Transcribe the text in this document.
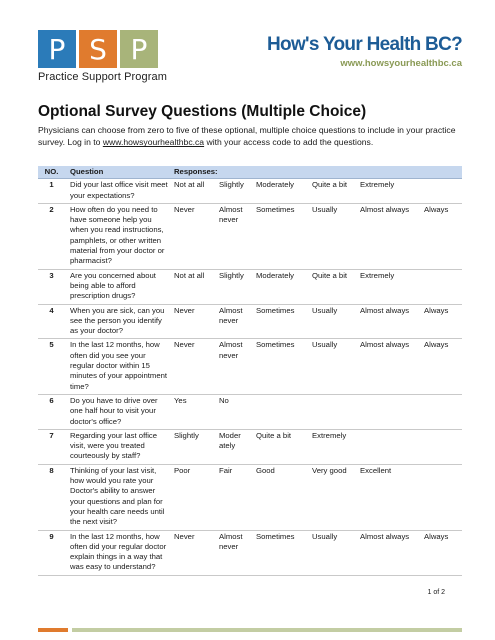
P S P
Practice Support Program
How's Your Health BC?
www.howsyourhealthbc.ca
Optional Survey Questions (Multiple Choice)

Physicians can choose from zero to five of these optional, multiple choice questions to include in your practice survey. Log in to www.howsyourhealthbc.ca with your access code to add the questions.

NO.	Question	Responses:					
1	Did your last office visit meet your expectations?	Not at all	Slightly	Moderately	Quite a bit	Extremely	
2	How often do you need to have someone help you when you read instructions, pamphlets, or other written material from your doctor or pharmacist?	Never	Almost never	Sometimes	Usually	Almost always	Always
3	Are you concerned about being able to afford prescription drugs?	Not at all	Slightly	Moderately	Quite a bit	Extremely	
4	When you are sick, can you see the person you identify as your doctor?	Never	Almost never	Sometimes	Usually	Almost always	Always
5	In the last 12 months, how often did you see your regular doctor within 15 minutes of your appointment time?	Never	Almost never	Sometimes	Usually	Almost always	Always
6	Do you have to drive over one half hour to visit your doctor's office?	Yes	No				
7	Regarding your last office visit, were you treated courteously by staff?	Slightly	Moder ately	Quite a bit	Extremely		
8	Thinking of your last visit, how would you rate your Doctor's ability to answer your questions and plan for your health care needs until the next visit?	Poor	Fair	Good	Very good	Excellent	
9	In the last 12 months, how often did your regular doctor explain things in a way that was easy to understand?	Never	Almost never	Sometimes	Usually	Almost always	Always
1 of 2
